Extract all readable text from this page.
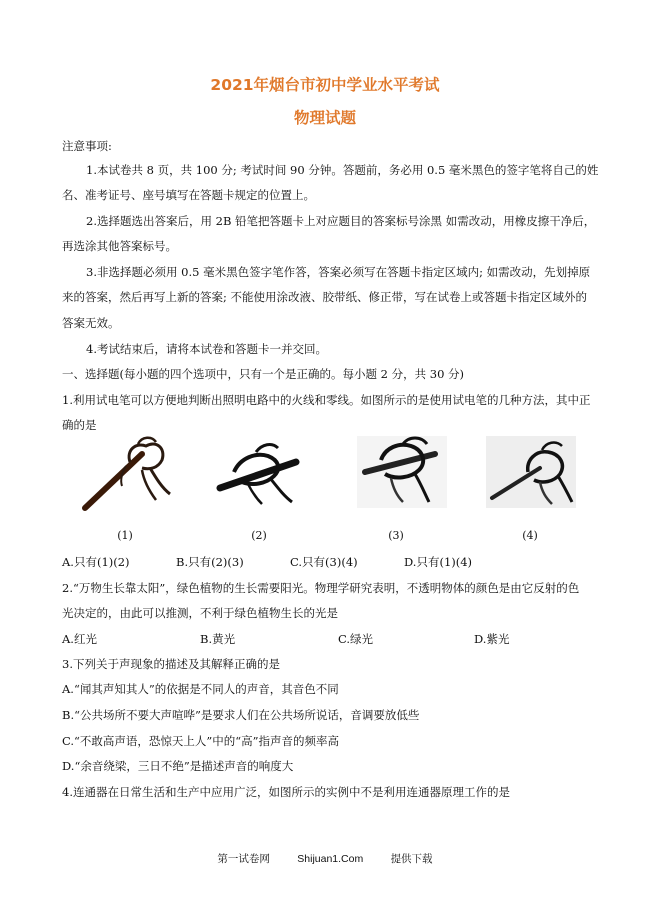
2021年烟台市初中学业水平考试
物理试题
注意事项:
1.本试卷共 8 页，共 100 分; 考试时间 90 分钟。答题前，务必用 0.5 毫米黑色的签字笔将自己的姓
名、准考证号、座号填写在答题卡规定的位置上。
2.选择题选出答案后，用 2B 铅笔把答题卡上对应题目的答案标号涂黑 如需改动，用橡皮擦干净后，
再选涂其他答案标号。
3.非选择题必须用 0.5 毫米黑色签字笔作答，答案必须写在答题卡指定区域内; 如需改动，先划掉原
来的答案，然后再写上新的答案; 不能使用涂改液、胶带纸、修正带，写在试卷上或答题卡指定区域外的
答案无效。
4.考试结束后，请将本试卷和答题卡一并交回。
一、选择题(每小题的四个选项中，只有一个是正确的。每小题 2 分，共 30 分)
1.利用试电笔可以方便地判断出照明电路中的火线和零线。如图所示的是使用试电笔的几种方法，其中正
确的是
(1)	(2)	(3)	(4)
A.只有(1)(2)	B.只有(2)(3)	C.只有(3)(4)	D.只有(1)(4)
2.“万物生长靠太阳”，绿色植物的生长需要阳光。物理学研究表明，不透明物体的颜色是由它反射的色
光决定的，由此可以推测，不利于绿色植物生长的光是
A.红光	B.黄光	C.绿光	D.紫光
3.下列关于声现象的描述及其解释正确的是
A.“闻其声知其人”的依据是不同人的声音，其音色不同
B.“公共场所不要大声喧哗”是要求人们在公共场所说话，音调要放低些
C.“不敢高声语，恐惊天上人”中的“高”指声音的频率高
D.“余音绕梁，三日不绝”是描述声音的响度大
4.连通器在日常生活和生产中应用广泛，如图所示的实例中不是利用连通器原理工作的是
第一试卷网	Shijuan1.Com	提供下载
